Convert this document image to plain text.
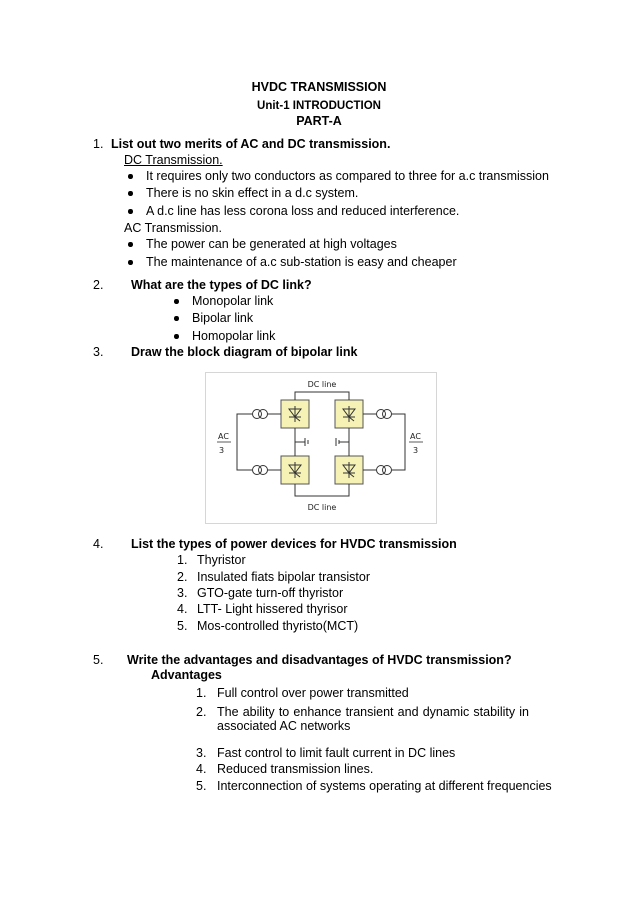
HVDC TRANSMISSION
Unit-1 INTRODUCTION
PART-A
1. List out two merits of AC and DC transmission.
DC Transmission.
It requires only two conductors as compared to three for a.c transmission
There is no skin effect in a d.c system.
A d.c line has less corona loss and reduced interference.
AC Transmission.
The power can be generated at high voltages
The maintenance of a.c sub-station is easy and cheaper
2. What are the types of DC link?
Monopolar link
Bipolar link
Homopolar link
3. Draw the block diagram of bipolar link
DC line
DC line
AC
3
AC
3
4. List the types of power devices for HVDC transmission
1. Thyristor
2. Insulated fiats bipolar transistor
3. GTO-gate turn-off thyristor
4. LTT- Light hissered thyrisor
5. Mos-controlled thyristo(MCT)
5. Write the advantages and disadvantages of HVDC transmission?
Advantages
1. Full control over power transmitted
2. The ability to enhance transient and dynamic stability in associated AC networks
3. Fast control to limit fault current in DC lines
4. Reduced transmission lines.
5. Interconnection of systems operating at different frequencies
